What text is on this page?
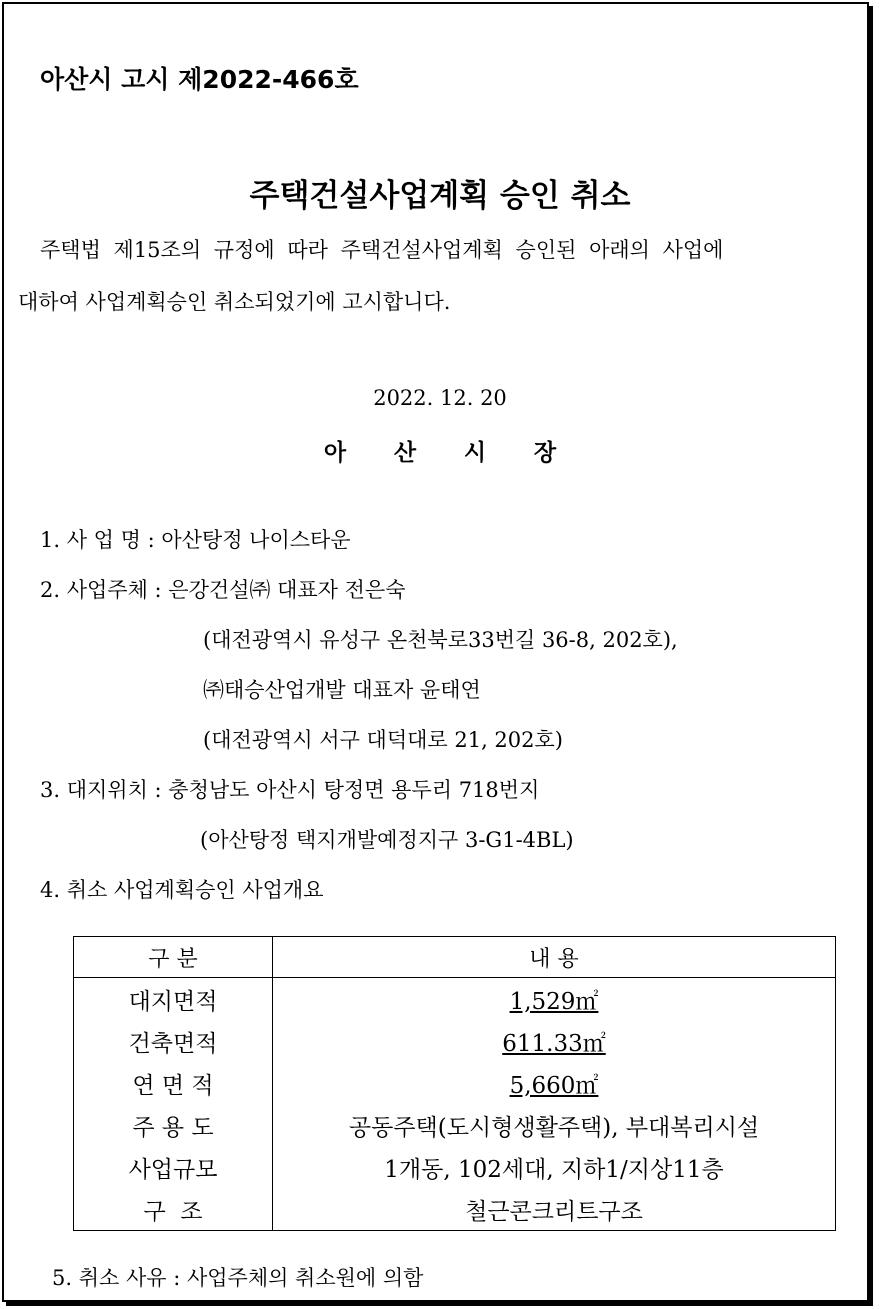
아산시 고시 제2022-466호
주택건설사업계획 승인 취소
주택법 제15조의 규정에 따라 주택건설사업계획 승인된 아래의 사업에
대하여 사업계획승인 취소되었기에 고시합니다.
2022. 12. 20
아 산 시 장
1. 사 업 명 : 아산탕정 나이스타운
2. 사업주체 : 은강건설㈜ 대표자 전은숙
(대전광역시 유성구 온천북로33번길 36-8, 202호),
㈜태승산업개발 대표자 윤태연
(대전광역시 서구 대덕대로 21, 202호)
3. 대지위치 : 충청남도 아산시 탕정면 용두리 718번지
(아산탕정 택지개발예정지구 3-G1-4BL)
4. 취소 사업계획승인 사업개요
구 분	내 용
대지면적	1,529㎡
건축면적	611.33㎡
연 면 적	5,660㎡
주 용 도	공동주택(도시형생활주택), 부대복리시설
사업규모	1개동, 102세대, 지하1/지상11층
구  조	철근콘크리트구조
5. 취소 사유 : 사업주체의 취소원에 의함
